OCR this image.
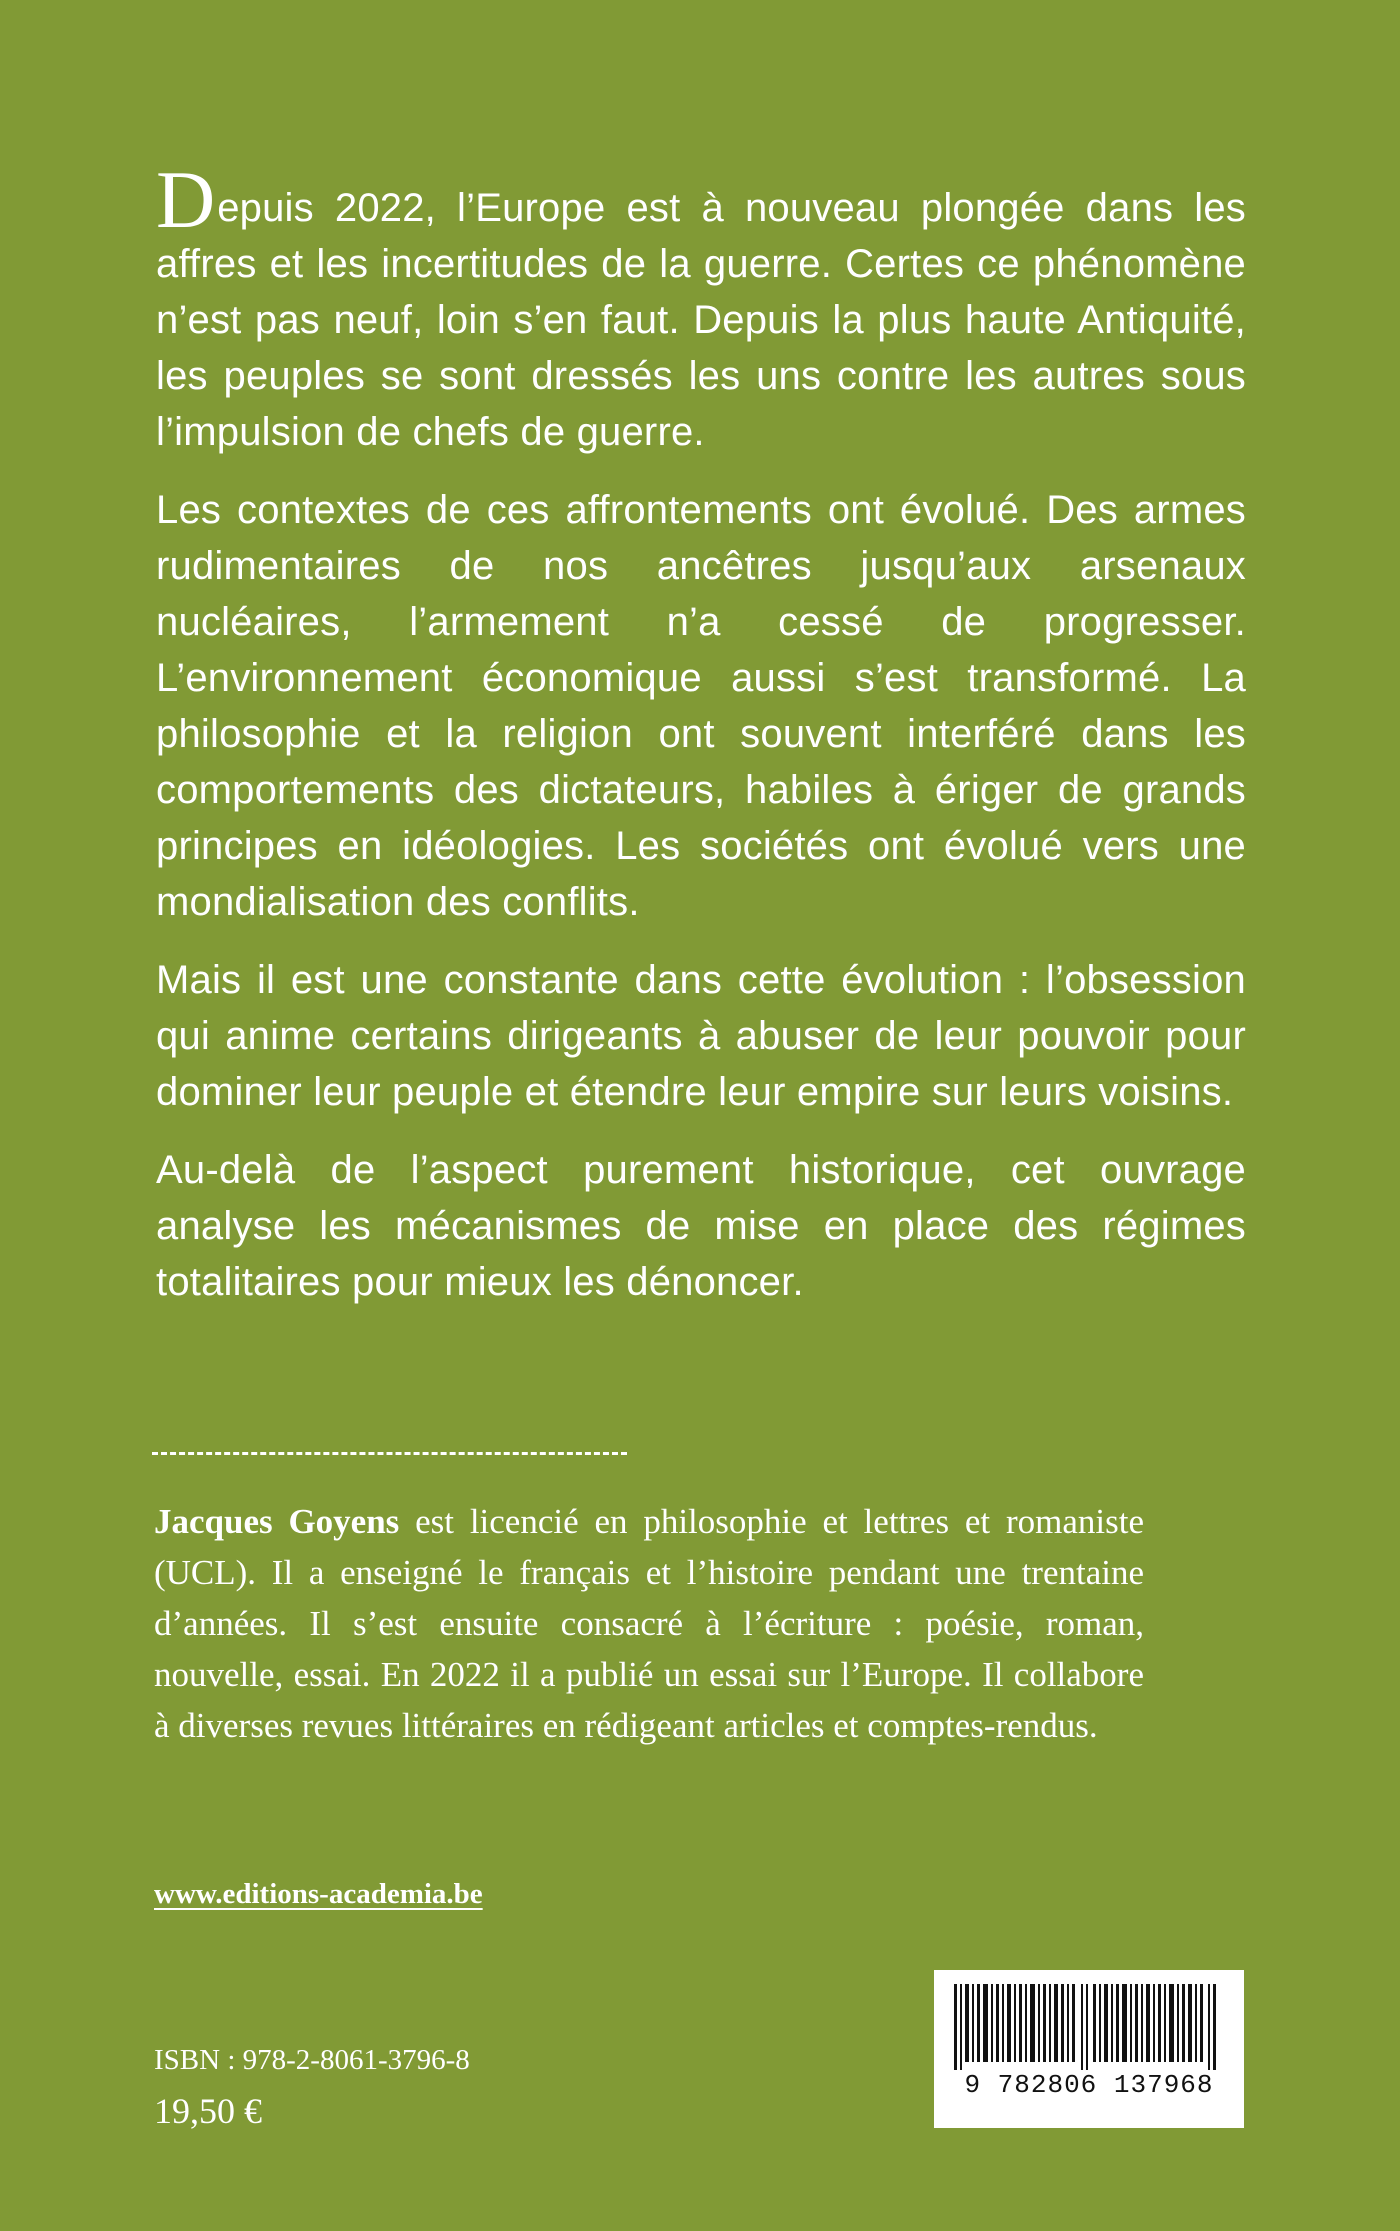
Depuis 2022, l’Europe est à nouveau plongée dans les affres et les incertitudes de la guerre. Certes ce phénomène n’est pas neuf, loin s’en faut. Depuis la plus haute Antiquité, les peuples se sont dressés les uns contre les autres sous l’impulsion de chefs de guerre.

Les contextes de ces affrontements ont évolué. Des armes rudimentaires de nos ancêtres jusqu’aux arsenaux nucléaires, l’armement n’a cessé de progresser. L’environnement économique aussi s’est transformé. La philosophie et la religion ont souvent interféré dans les comportements des dictateurs, habiles à ériger de grands principes en idéologies. Les sociétés ont évolué vers une mondialisation des conflits.

Mais il est une constante dans cette évolution : l’obsession qui anime certains dirigeants à abuser de leur pouvoir pour dominer leur peuple et étendre leur empire sur leurs voisins.

Au-delà de l’aspect purement historique, cet ouvrage analyse les mécanismes de mise en place des régimes totalitaires pour mieux les dénoncer.

Jacques Goyens est licencié en philosophie et lettres et romaniste (UCL). Il a enseigné le français et l’histoire pendant une trentaine d’années. Il s’est ensuite consacré à l’écriture : poésie, roman, nouvelle, essai. En 2022 il a publié un essai sur l’Europe. Il collabore à diverses revues littéraires en rédigeant articles et comptes-rendus.

www.editions-academia.be

ISBN : 978-2-8061-3796-8

19,50 €

9 782806 137968
